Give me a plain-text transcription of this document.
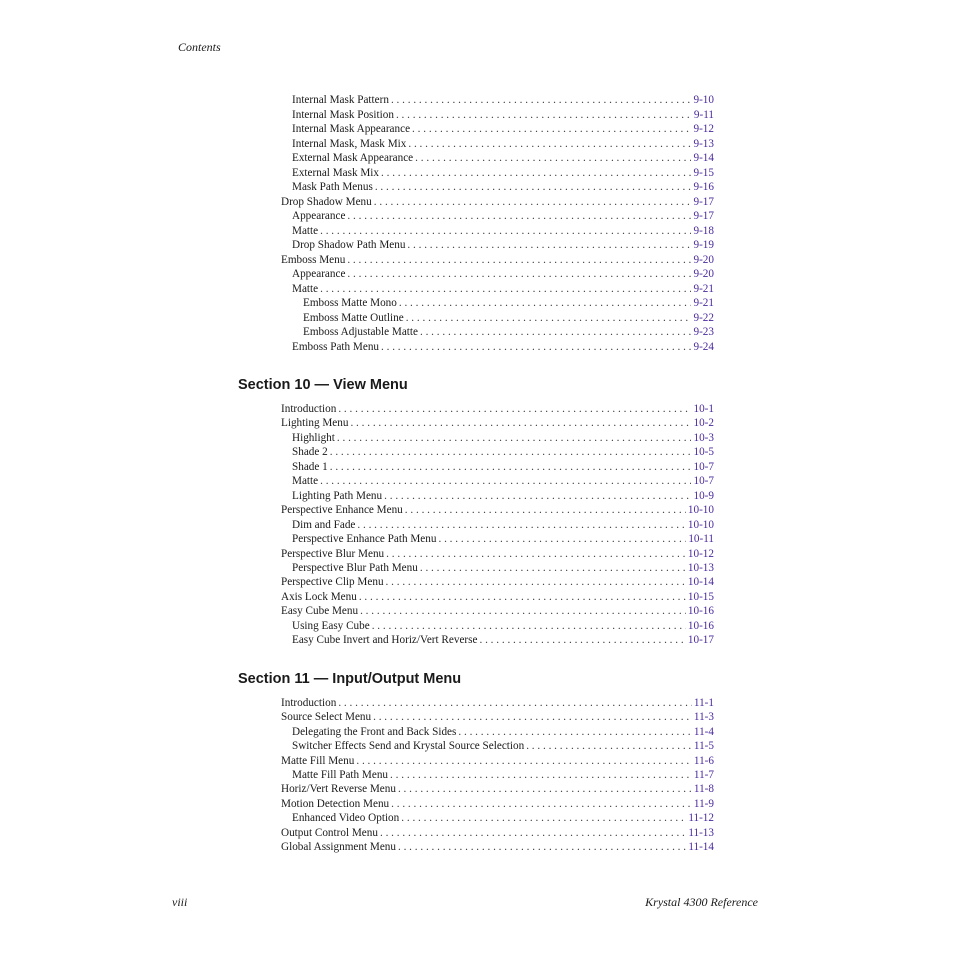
Contents
Internal Mask Pattern . . .	9-10
Internal Mask Position . . .	9-11
Internal Mask Appearance . . .	9-12
Internal Mask, Mask Mix . . .	9-13
External Mask Appearance . . .	9-14
External Mask Mix . . .	9-15
Mask Path Menus . . .	9-16
Drop Shadow Menu . . .	9-17
Appearance . . .	9-17
Matte . . .	9-18
Drop Shadow Path Menu . . .	9-19
Emboss Menu . . .	9-20
Appearance . . .	9-20
Matte . . .	9-21
Emboss Matte Mono . . .	9-21
Emboss Matte Outline . . .	9-22
Emboss Adjustable Matte . . .	9-23
Emboss Path Menu . . .	9-24
Section 10 — View Menu
Introduction . . .	10-1
Lighting Menu . . .	10-2
Highlight . . .	10-3
Shade 2 . . .	10-5
Shade 1 . . .	10-7
Matte . . .	10-7
Lighting Path Menu . . .	10-9
Perspective Enhance Menu . . .	10-10
Dim and Fade . . .	10-10
Perspective Enhance Path Menu . . .	10-11
Perspective Blur Menu . . .	10-12
Perspective Blur Path Menu . . .	10-13
Perspective Clip Menu . . .	10-14
Axis Lock Menu . . .	10-15
Easy Cube Menu . . .	10-16
Using Easy Cube . . .	10-16
Easy Cube Invert and Horiz/Vert Reverse . . .	10-17
Section 11 — Input/Output Menu
Introduction . . .	11-1
Source Select Menu . . .	11-3
Delegating the Front and Back Sides . . .	11-4
Switcher Effects Send and Krystal Source Selection . . .	11-5
Matte Fill Menu . . .	11-6
Matte Fill Path Menu . . .	11-7
Horiz/Vert Reverse Menu . . .	11-8
Motion Detection Menu . . .	11-9
Enhanced Video Option . . .	11-12
Output Control Menu . . .	11-13
Global Assignment Menu . . .	11-14
viii	Krystal 4300 Reference
